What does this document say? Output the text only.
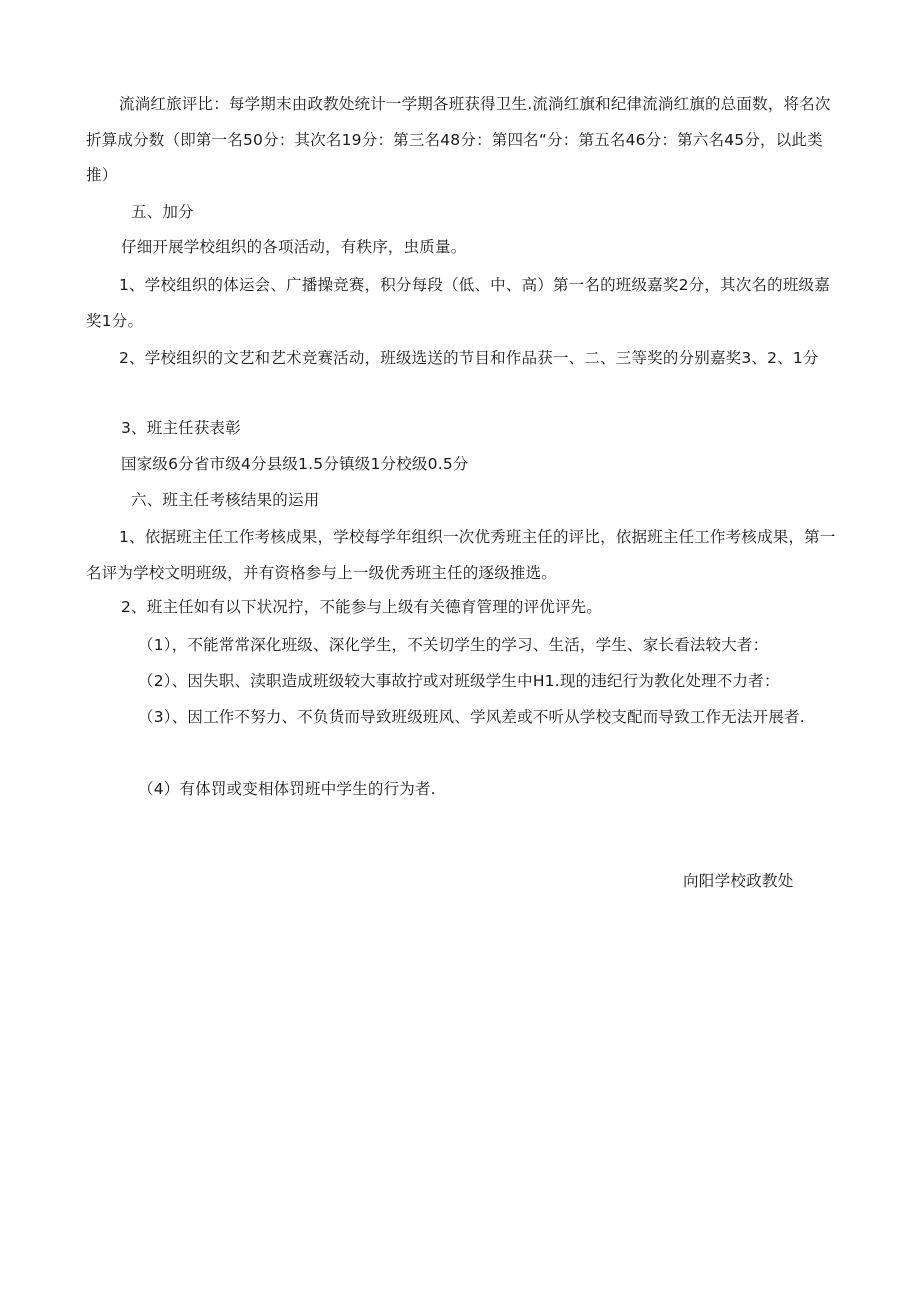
流淌红旅评比：每学期末由政教处统计一学期各班获得卫生.流淌红旗和纪律流淌红旗的总面数，将名次折算成分数（即第一名50分：其次名19分：第三名48分：第四名“分：第五名46分：第六名45分，以此类推）

五、加分

仔细开展学校组织的各项活动，有秩序，虫质量。

1、学校组织的体运会、广播操竞赛，积分每段（低、中、高）第一名的班级嘉奖2分，其次名的班级嘉奖1分。

2、学校组织的文艺和艺术竞赛活动，班级选送的节目和作品获一、二、三等奖的分别嘉奖3、2、1分

3、班主任获表彰

国家级6分省市级4分县级1.5分镇级1分校级0.5分

六、班主任考核结果的运用

1、依据班主任工作考核成果，学校每学年组织一次优秀班主任的评比，依据班主任工作考核成果，第一名评为学校文明班级，并有资格参与上一级优秀班主任的逐级推选。

2、班主任如有以下状况拧，不能参与上级有关德育管理的评优评先。

（1），不能常常深化班级、深化学生，不关切学生的学习、生活，学生、家长看法较大者：

（2）、因失职、渎职造成班级较大事故拧或对班级学生中H1.现的违纪行为教化处理不力者：

（3）、因工作不努力、不负货而导致班级班风、学风差或不听从学校支配而导致工作无法开展者.

（4）有体罚或变相体罚班中学生的行为者.

向阳学校政教处
